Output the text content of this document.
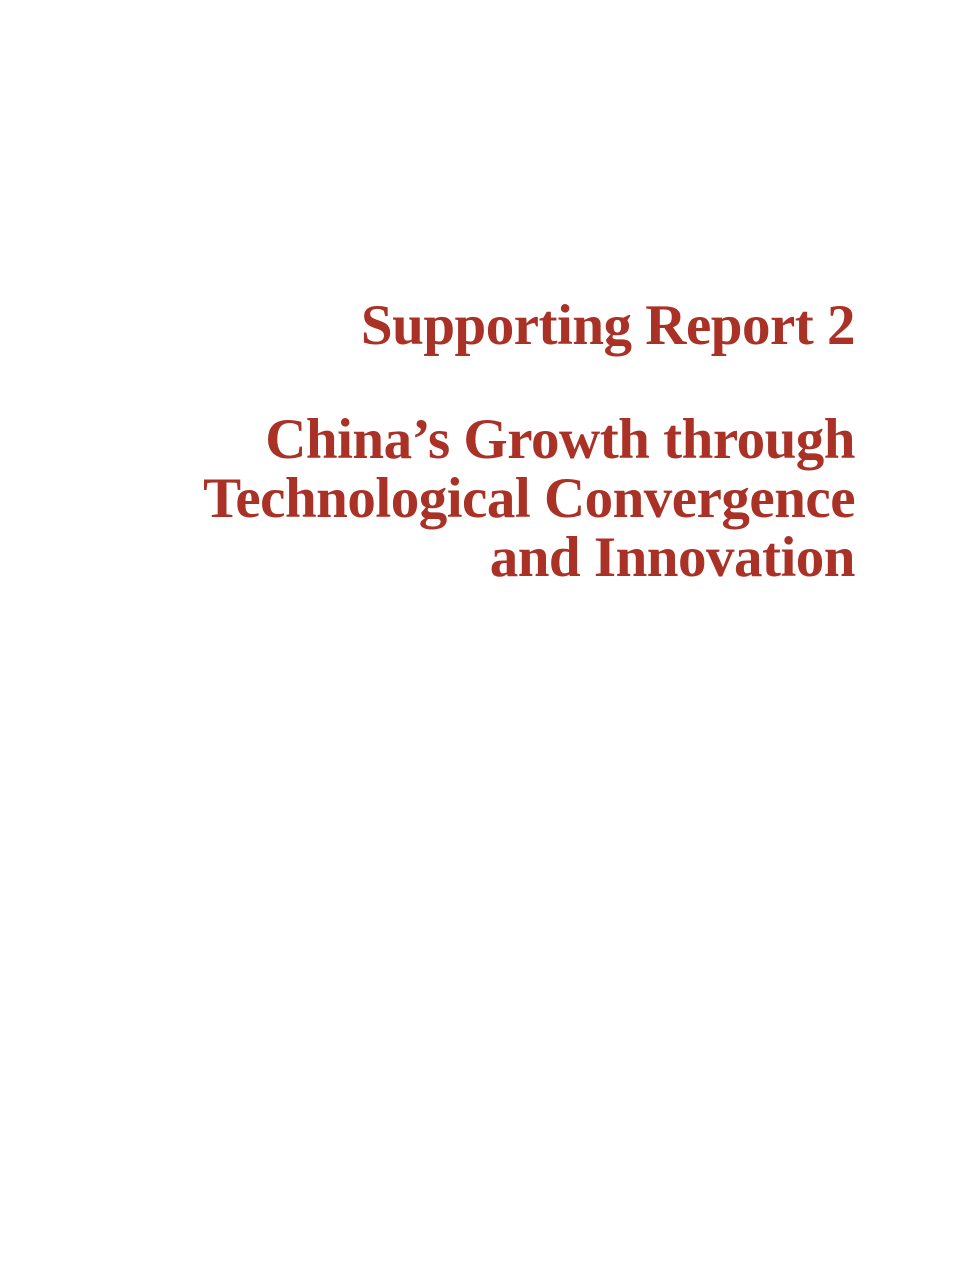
Supporting Report 2
China’s Growth through
Technological Convergence
and Innovation
